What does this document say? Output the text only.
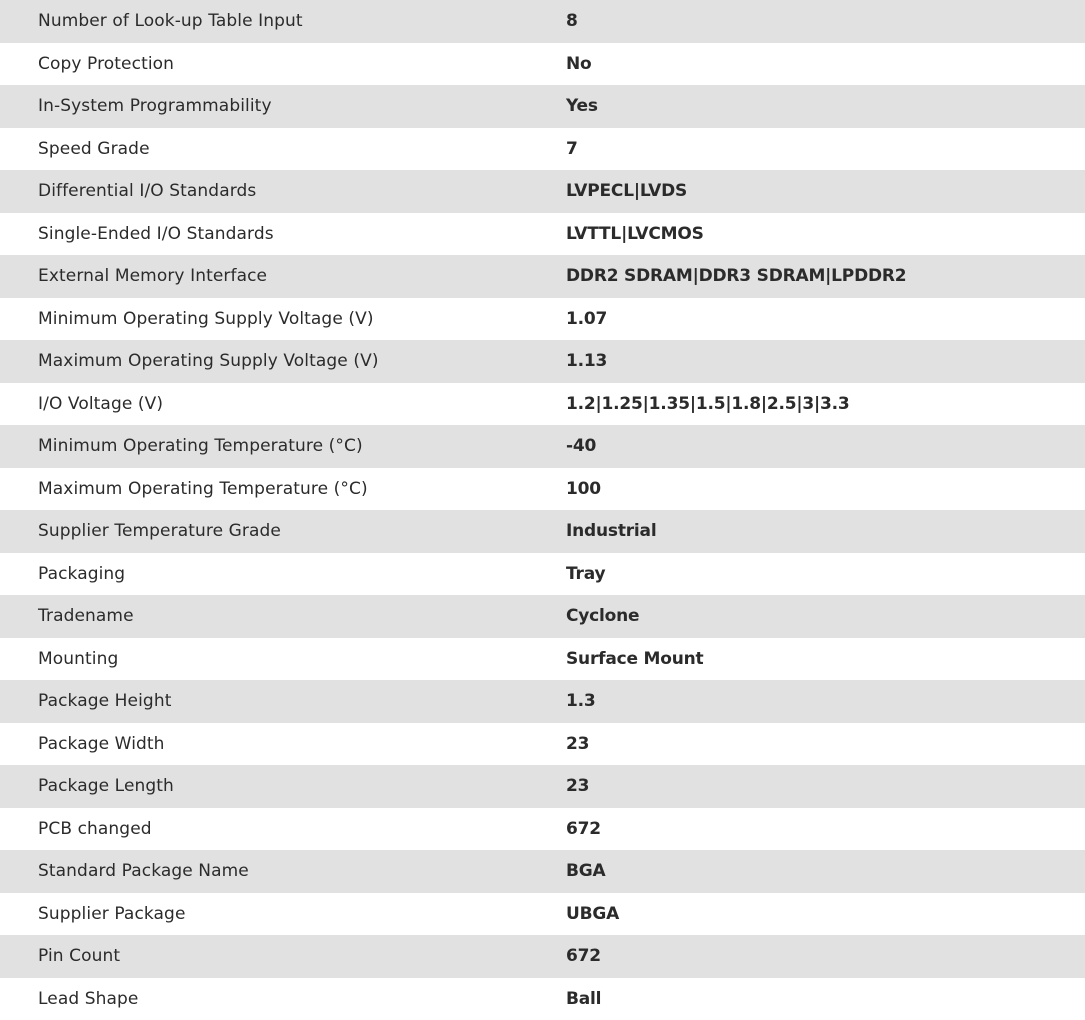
Number of Look-up Table Input	8
Copy Protection	No
In-System Programmability	Yes
Speed Grade	7
Differential I/O Standards	LVPECL|LVDS
Single-Ended I/O Standards	LVTTL|LVCMOS
External Memory Interface	DDR2 SDRAM|DDR3 SDRAM|LPDDR2
Minimum Operating Supply Voltage (V)	1.07
Maximum Operating Supply Voltage (V)	1.13
I/O Voltage (V)	1.2|1.25|1.35|1.5|1.8|2.5|3|3.3
Minimum Operating Temperature (°C)	-40
Maximum Operating Temperature (°C)	100
Supplier Temperature Grade	Industrial
Packaging	Tray
Tradename	Cyclone
Mounting	Surface Mount
Package Height	1.3
Package Width	23
Package Length	23
PCB changed	672
Standard Package Name	BGA
Supplier Package	UBGA
Pin Count	672
Lead Shape	Ball
